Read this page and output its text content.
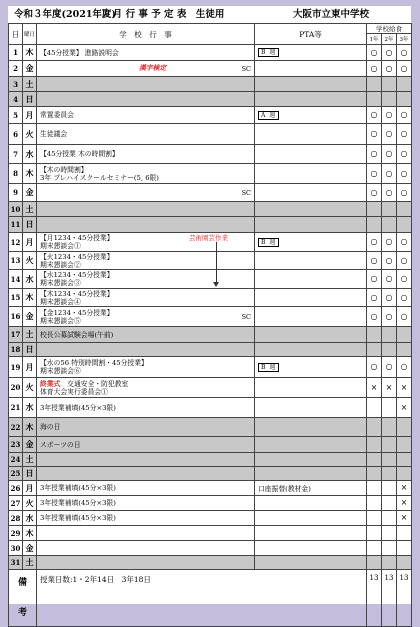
令和３年度(2021年度)
７ 月 行 事 予 定 表　生徒用	大阪市立東中学校
日	曜日	学　校　行　事	PTA等	学校給食		
				1年	2年	3年
1	木	【45分授業】 進路説明会	B 週	○	○	○
2	金	漢字検定 SC		○	○	○
3	土	

4	日	

5	月	常置委員会	A 週	○	○	○
6	火	生徒議会		○	○	○
7	水	【45分授業 木の時間割】		○	○	○
8	木	【木の時間割】
3年 プレハイスクールセミナー(5, 6限)		○	○	○
9	金	SC		○	○	○
10	土	

11	日	

12	月	【月1234・45分授業】
期末懇談会①
芸術園芸作業	B 週	○	○	○
13	火	【火1234・45分授業】
期末懇談会②		○	○	○
14	水	【水1234・45分授業】
期末懇談会③		○	○	○
15	木	【木1234・45分授業】
期末懇談会④		○	○	○
16	金	【金1234・45分授業】
期末懇談会⑤ SC		○	○	○
17	土	校長公募試験会場(午前)				

18	日	

19	月	【水の56 特別時間割・45分授業】
期末懇談会⑥	B 週	○	○	○
20	火	終業式　交通安全・防犯教室
体育大会実行委員会①		×	×	×
21	水	3年授業補填(45分×3限)				×
22	木	海の日				

23	金	スポーツの日				

24	土	

25	日	

26	月	3年授業補填(45分×3限)	口座振替(教材金)			×
27	火	3年授業補填(45分×3限)				×
28	水	3年授業補填(45分×3限)				×
29	木	

30	金	

31	土	

備

考		授業日数:1・2年14日　3年18日		13	13	13
